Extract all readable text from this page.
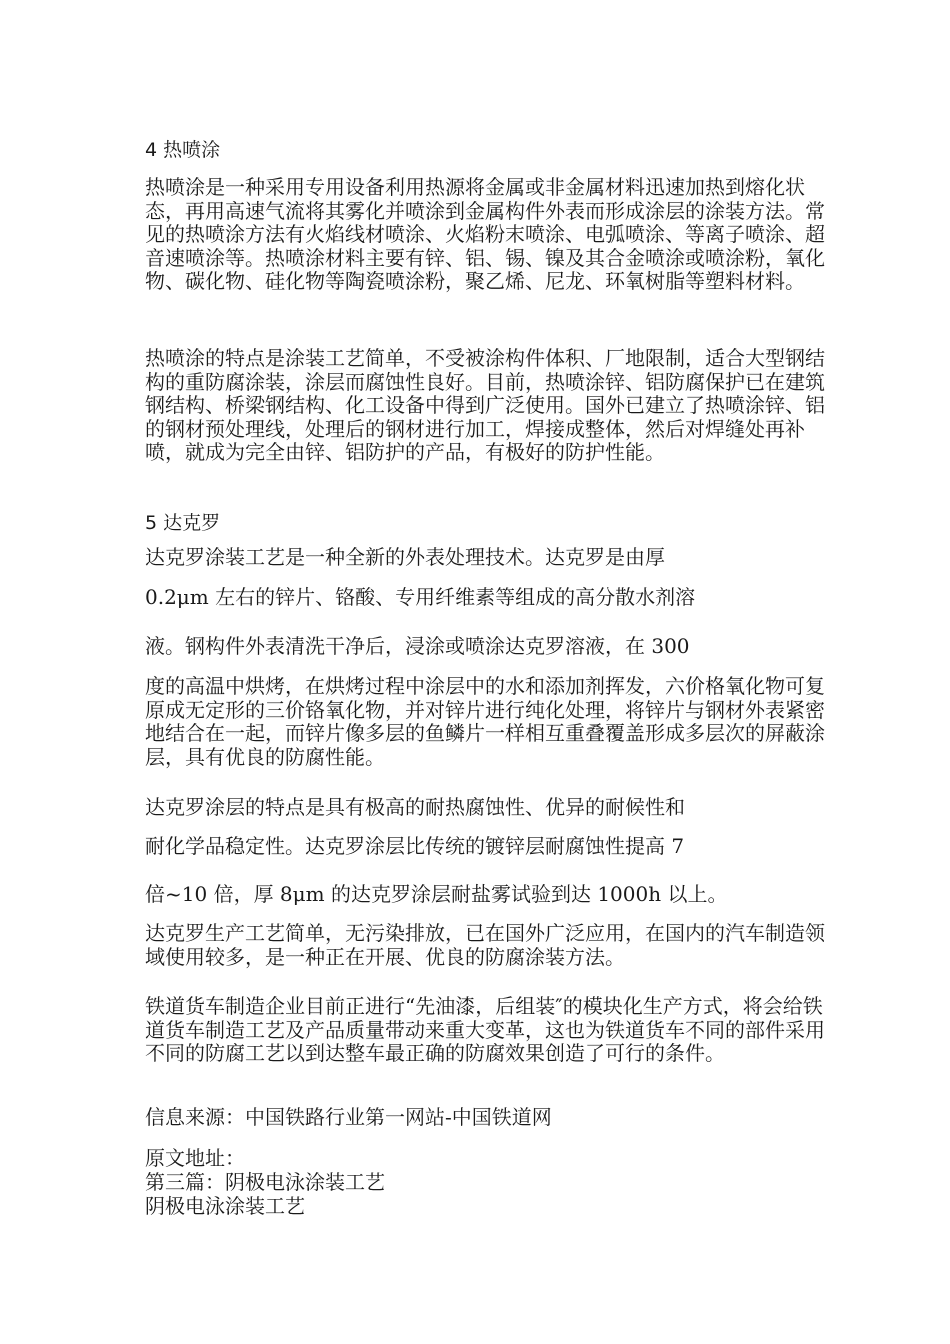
4 热喷涂

热喷涂是一种采用专用设备利用热源将金属或非金属材料迅速加热到熔化状态，再用高速气流将其雾化并喷涂到金属构件外表而形成涂层的涂装方法。常见的热喷涂方法有火焰线材喷涂、火焰粉末喷涂、电弧喷涂、等离子喷涂、超音速喷涂等。热喷涂材料主要有锌、铝、锡、镍及其合金喷涂或喷涂粉，氧化物、碳化物、硅化物等陶瓷喷涂粉，聚乙烯、尼龙、环氧树脂等塑料材料。

热喷涂的特点是涂装工艺简单，不受被涂构件体积、厂地限制，适合大型钢结构的重防腐涂装，涂层而腐蚀性良好。目前，热喷涂锌、铝防腐保护已在建筑钢结构、桥梁钢结构、化工设备中得到广泛使用。国外已建立了热喷涂锌、铝的钢材预处理线，处理后的钢材进行加工，焊接成整体，然后对焊缝处再补喷，就成为完全由锌、铝防护的产品，有极好的防护性能。

5 达克罗
达克罗涂装工艺是一种全新的外表处理技术。达克罗是由厚
0.2μm 左右的锌片、铬酸、专用纤维素等组成的高分散水剂溶
液。钢构件外表清洗干净后，浸涂或喷涂达克罗溶液，在 300

度的高温中烘烤，在烘烤过程中涂层中的水和添加剂挥发，六价格氧化物可复原成无定形的三价铬氧化物，并对锌片进行纯化处理，将锌片与钢材外表紧密地结合在一起，而锌片像多层的鱼鳞片一样相互重叠覆盖形成多层次的屏蔽涂层，具有优良的防腐性能。

达克罗涂层的特点是具有极高的耐热腐蚀性、优异的耐候性和
耐化学品稳定性。达克罗涂层比传统的镀锌层耐腐蚀性提高 7
倍~10 倍，厚 8μm 的达克罗涂层耐盐雾试验到达 1000h 以上。

达克罗生产工艺简单，无污染排放，已在国外广泛应用，在国内的汽车制造领域使用较多，是一种正在开展、优良的防腐涂装方法。

铁道货车制造企业目前正进行“先油漆，后组装″的模块化生产方式，将会给铁道货车制造工艺及产品质量带动来重大变革，这也为铁道货车不同的部件采用不同的防腐工艺以到达整车最正确的防腐效果创造了可行的条件。

信息来源：中国铁路行业第一网站-中国铁道网
原文地址：
第三篇：阴极电泳涂装工艺
阴极电泳涂装工艺
